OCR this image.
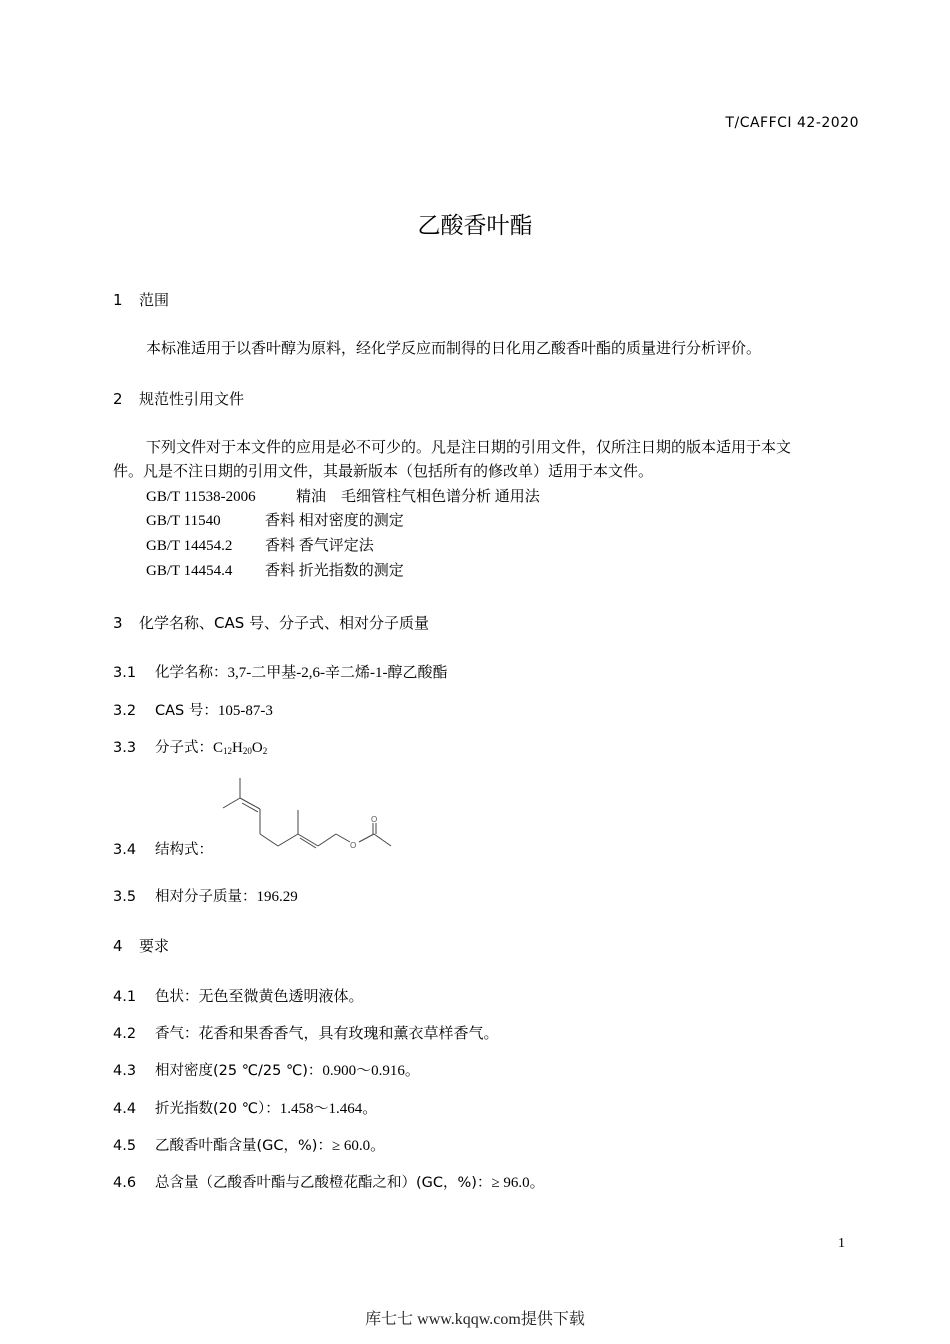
T/CAFFCI 42-2020
乙酸香叶酯
1 范围
本标准适用于以香叶醇为原料，经化学反应而制得的日化用乙酸香叶酯的质量进行分析评价。
2 规范性引用文件
下列文件对于本文件的应用是必不可少的。凡是注日期的引用文件，仅所注日期的版本适用于本文
件。凡是不注日期的引用文件，其最新版本（包括所有的修改单）适用于本文件。
GB/T 11538-2006	精油　毛细管柱气相色谱分析 通用法
GB/T 11540	香料 相对密度的测定
GB/T 14454.2 香料 香气评定法
GB/T 14454.4 香料 折光指数的测定
3 化学名称、CAS 号、分子式、相对分子质量
3.1 化学名称：3,7-二甲基-2,6-辛二烯-1-醇乙酸酯
3.2 CAS 号：105-87-3
3.3 分子式：$C_{12}H_{20}O_2$
3.4 结构式：	O
O
3.5 相对分子质量：196.29
4 要求
4.1 色状：无色至微黄色透明液体。
4.2 香气：花香和果香香气，具有玫瑰和薰衣草样香气。
4.3 相对密度(25 ℃/25 ℃)：0.900～0.916。
4.4 折光指数(20 ℃）：1.458～1.464。
4.5 乙酸香叶酯含量(GC，%)：≥ 60.0。
4.6 总含量（乙酸香叶酯与乙酸橙花酯之和）(GC，%)：≥ 96.0。
1
库七七 www.kqqw.com提供下载
